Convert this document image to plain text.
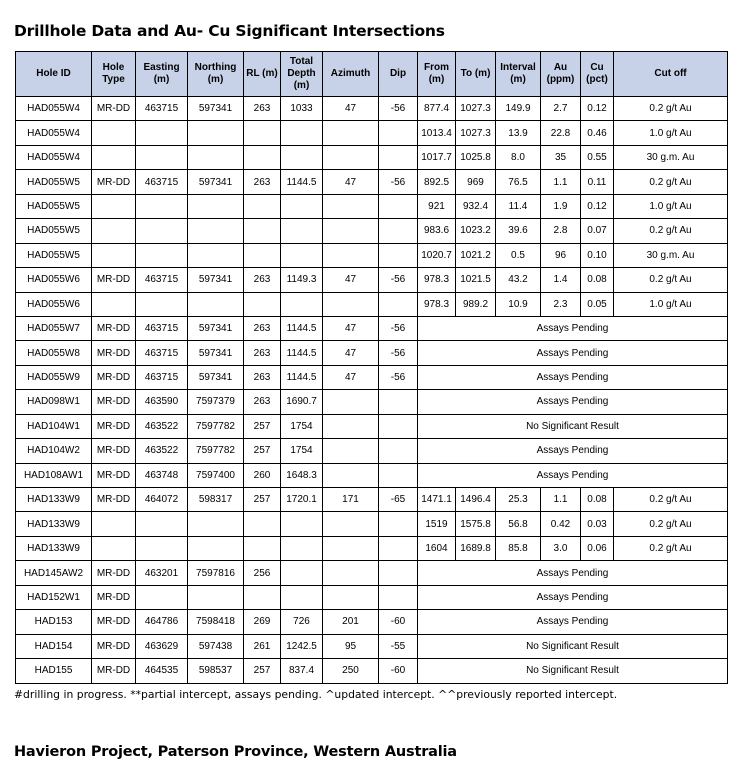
Drillhole Data and Au- Cu Significant Intersections
Hole ID	Hole Type	Easting (m)	Northing (m)	RL (m)	Total Depth (m)	Azimuth	Dip	From (m)	To (m)	Interval (m)	Au (ppm)	Cu (pct)	Cut off
HAD055W4	MR-DD	463715	597341	263	1033	47	-56	877.4	1027.3	149.9	2.7	0.12	0.2 g/t Au
HAD055W4								1013.4	1027.3	13.9	22.8	0.46	1.0 g/t Au
HAD055W4								1017.7	1025.8	8.0	35	0.55	30 g.m. Au
HAD055W5	MR-DD	463715	597341	263	1144.5	47	-56	892.5	969	76.5	1.1	0.11	0.2 g/t Au
HAD055W5								921	932.4	11.4	1.9	0.12	1.0 g/t Au
HAD055W5								983.6	1023.2	39.6	2.8	0.07	0.2 g/t Au
HAD055W5								1020.7	1021.2	0.5	96	0.10	30 g.m. Au
HAD055W6	MR-DD	463715	597341	263	1149.3	47	-56	978.3	1021.5	43.2	1.4	0.08	0.2 g/t Au
HAD055W6								978.3	989.2	10.9	2.3	0.05	1.0 g/t Au
HAD055W7	MR-DD	463715	597341	263	1144.5	47	-56	Assays Pending					
HAD055W8	MR-DD	463715	597341	263	1144.5	47	-56	Assays Pending					
HAD055W9	MR-DD	463715	597341	263	1144.5	47	-56	Assays Pending					
HAD098W1	MR-DD	463590	7597379	263	1690.7			Assays Pending					
HAD104W1	MR-DD	463522	7597782	257	1754			No Significant Result					
HAD104W2	MR-DD	463522	7597782	257	1754			Assays Pending					
HAD108AW1	MR-DD	463748	7597400	260	1648.3			Assays Pending					
HAD133W9	MR-DD	464072	598317	257	1720.1	171	-65	1471.1	1496.4	25.3	1.1	0.08	0.2 g/t Au
HAD133W9								1519	1575.8	56.8	0.42	0.03	0.2 g/t Au
HAD133W9								1604	1689.8	85.8	3.0	0.06	0.2 g/t Au
HAD145AW2	MR-DD	463201	7597816	256				Assays Pending					
HAD152W1	MR-DD							Assays Pending					
HAD153	MR-DD	464786	7598418	269	726	201	-60	Assays Pending					
HAD154	MR-DD	463629	597438	261	1242.5	95	-55	No Significant Result					
HAD155	MR-DD	464535	598537	257	837.4	250	-60	No Significant Result					
#drilling in progress. **partial intercept, assays pending. ^updated intercept. ^^previously reported intercept.
Havieron Project, Paterson Province, Western Australia
